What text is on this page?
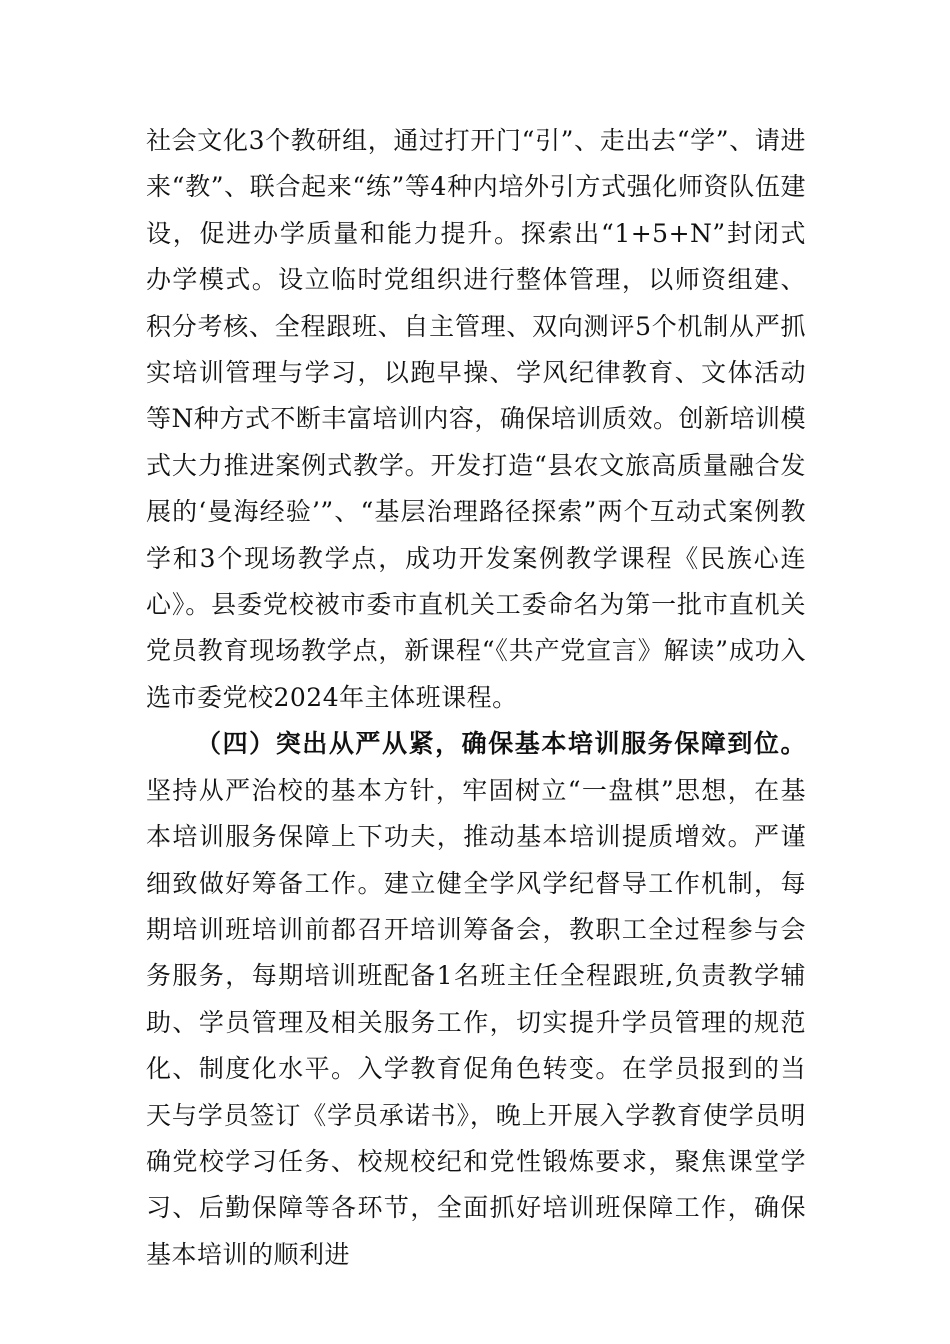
社会文化3个教研组，通过打开门“引”、走出去“学”、请进来“教”、联合起来“练”等4种内培外引方式强化师资队伍建设，促进办学质量和能力提升。探索出“1+5+N”封闭式办学模式。设立临时党组织进行整体管理，以师资组建、积分考核、全程跟班、自主管理、双向测评5个机制从严抓实培训管理与学习，以跑早操、学风纪律教育、文体活动等N种方式不断丰富培训内容，确保培训质效。创新培训模式大力推进案例式教学。开发打造“县农文旅高质量融合发展的‘曼海经验’”、“基层治理路径探索”两个互动式案例教学和3个现场教学点，成功开发案例教学课程《民族心连心》。县委党校被市委市直机关工委命名为第一批市直机关党员教育现场教学点，新课程“《共产党宣言》解读”成功入选市委党校2024年主体班课程。

（四）突出从严从紧，确保基本培训服务保障到位。坚持从严治校的基本方针，牢固树立“一盘棋”思想，在基本培训服务保障上下功夫，推动基本培训提质增效。严谨细致做好筹备工作。建立健全学风学纪督导工作机制，每期培训班培训前都召开培训筹备会，教职工全过程参与会务服务，每期培训班配备1名班主任全程跟班,负责教学辅助、学员管理及相关服务工作，切实提升学员管理的规范化、制度化水平。入学教育促角色转变。在学员报到的当天与学员签订《学员承诺书》，晚上开展入学教育使学员明确党校学习任务、校规校纪和党性锻炼要求，聚焦课堂学习、后勤保障等各环节，全面抓好培训班保障工作，确保基本培训的顺利进
